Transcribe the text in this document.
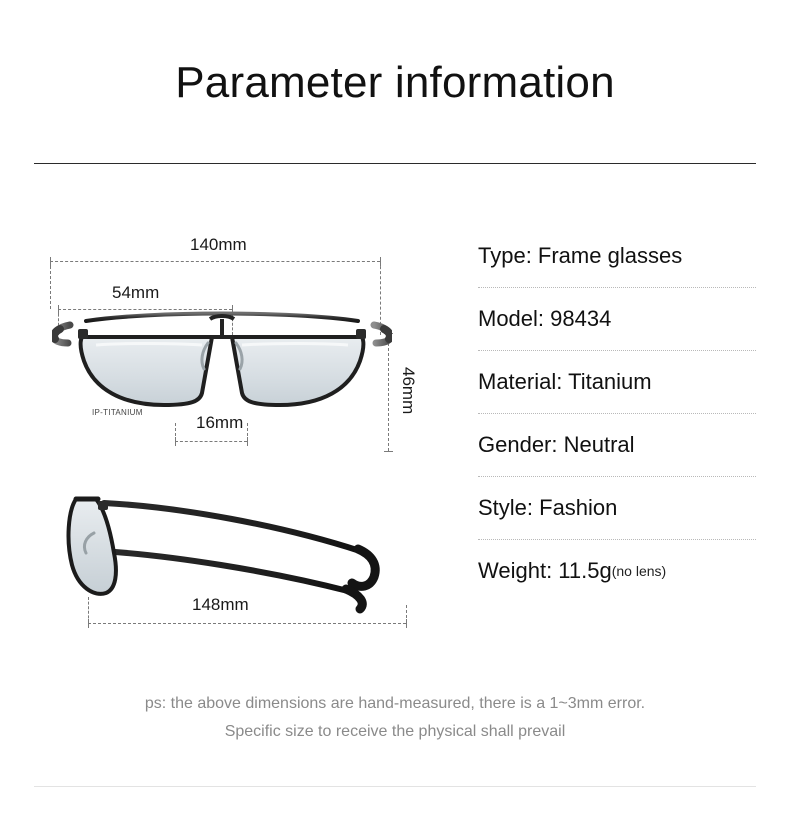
Parameter information
140mm
54mm
46mm
16mm
IP-TITANIUM
148mm
Type: Frame glasses
Model: 98434
Material: Titanium
Gender: Neutral
Style: Fashion
Weight: 11.5g (no lens)
ps: the above dimensions are hand-measured, there is a 1~3mm error.
Specific size to receive the physical shall prevail
